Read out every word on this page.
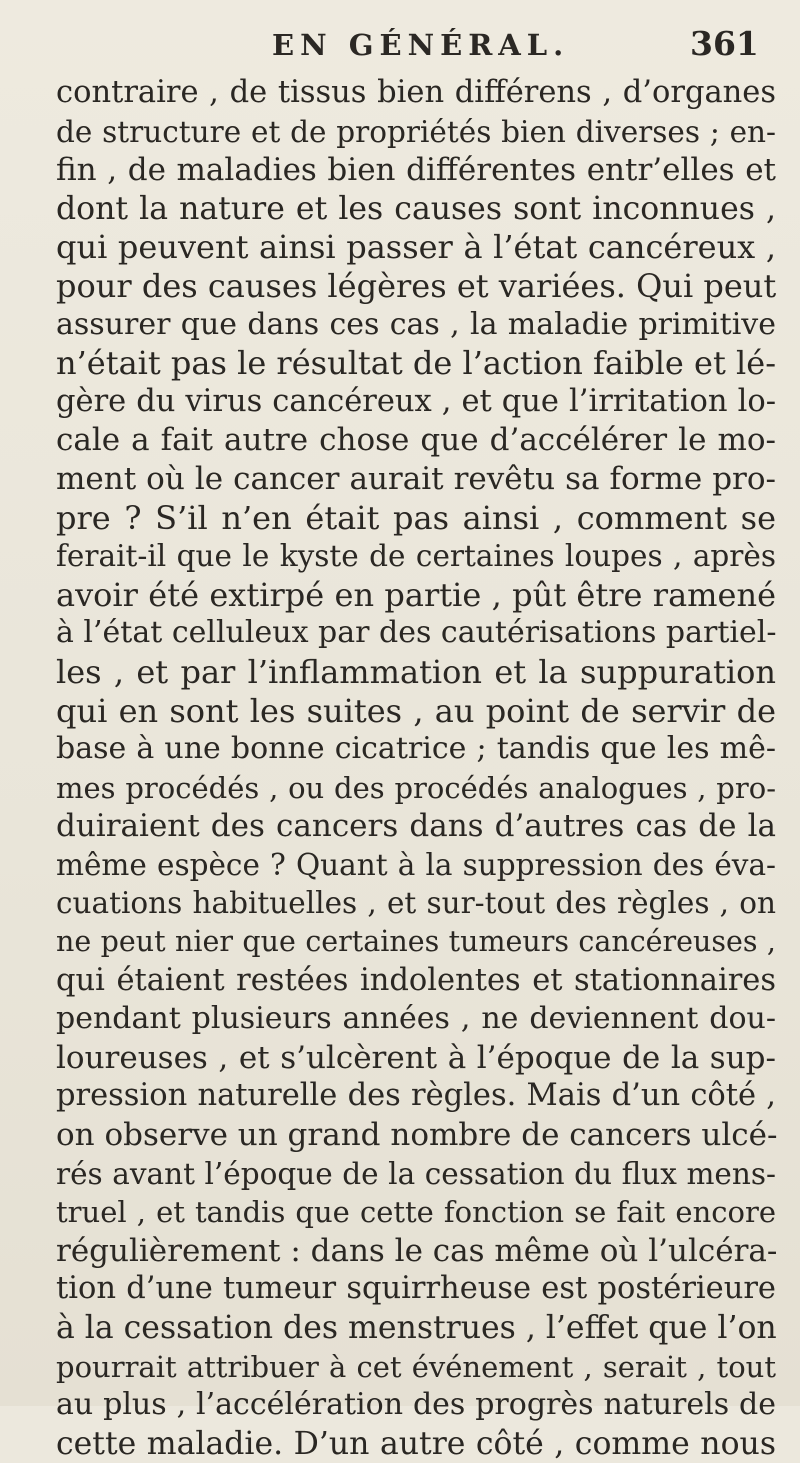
EN GÉNÉRAL.	361
contraire , de tissus bien différens , d’organes
de structure et de propriétés bien diverses ; en-
fin , de maladies bien différentes entr’elles et
dont la nature et les causes sont inconnues ,
qui peuvent ainsi passer à l’état cancéreux ,
pour des causes légères et variées. Qui peut
assurer que dans ces cas , la maladie primitive
n’était pas le résultat de l’action faible et lé-
gère du virus cancéreux , et que l’irritation lo-
cale a fait autre chose que d’accélérer le mo-
ment où le cancer aurait revêtu sa forme pro-
pre ? S’il n’en était pas ainsi , comment se
ferait-il que le kyste de certaines loupes , après
avoir été extirpé en partie , pût être ramené
à l’état celluleux par des cautérisations partiel-
les , et par l’inflammation et la suppuration
qui en sont les suites , au point de servir de
base à une bonne cicatrice ; tandis que les mê-
mes procédés , ou des procédés analogues , pro-
duiraient des cancers dans d’autres cas de la
même espèce ? Quant à la suppression des éva-
cuations habituelles , et sur-tout des règles , on
ne peut nier que certaines tumeurs cancéreuses ,
qui étaient restées indolentes et stationnaires
pendant plusieurs années , ne deviennent dou-
loureuses , et s’ulcèrent à l’époque de la sup-
pression naturelle des règles. Mais d’un côté ,
on observe un grand nombre de cancers ulcé-
rés avant l’époque de la cessation du flux mens-
truel , et tandis que cette fonction se fait encore
régulièrement : dans le cas même où l’ulcéra-
tion d’une tumeur squirrheuse est postérieure
à la cessation des menstrues , l’effet que l’on
pourrait attribuer à cet événement , serait , tout
au plus , l’accélération des progrès naturels de
cette maladie. D’un autre côté , comme nous
